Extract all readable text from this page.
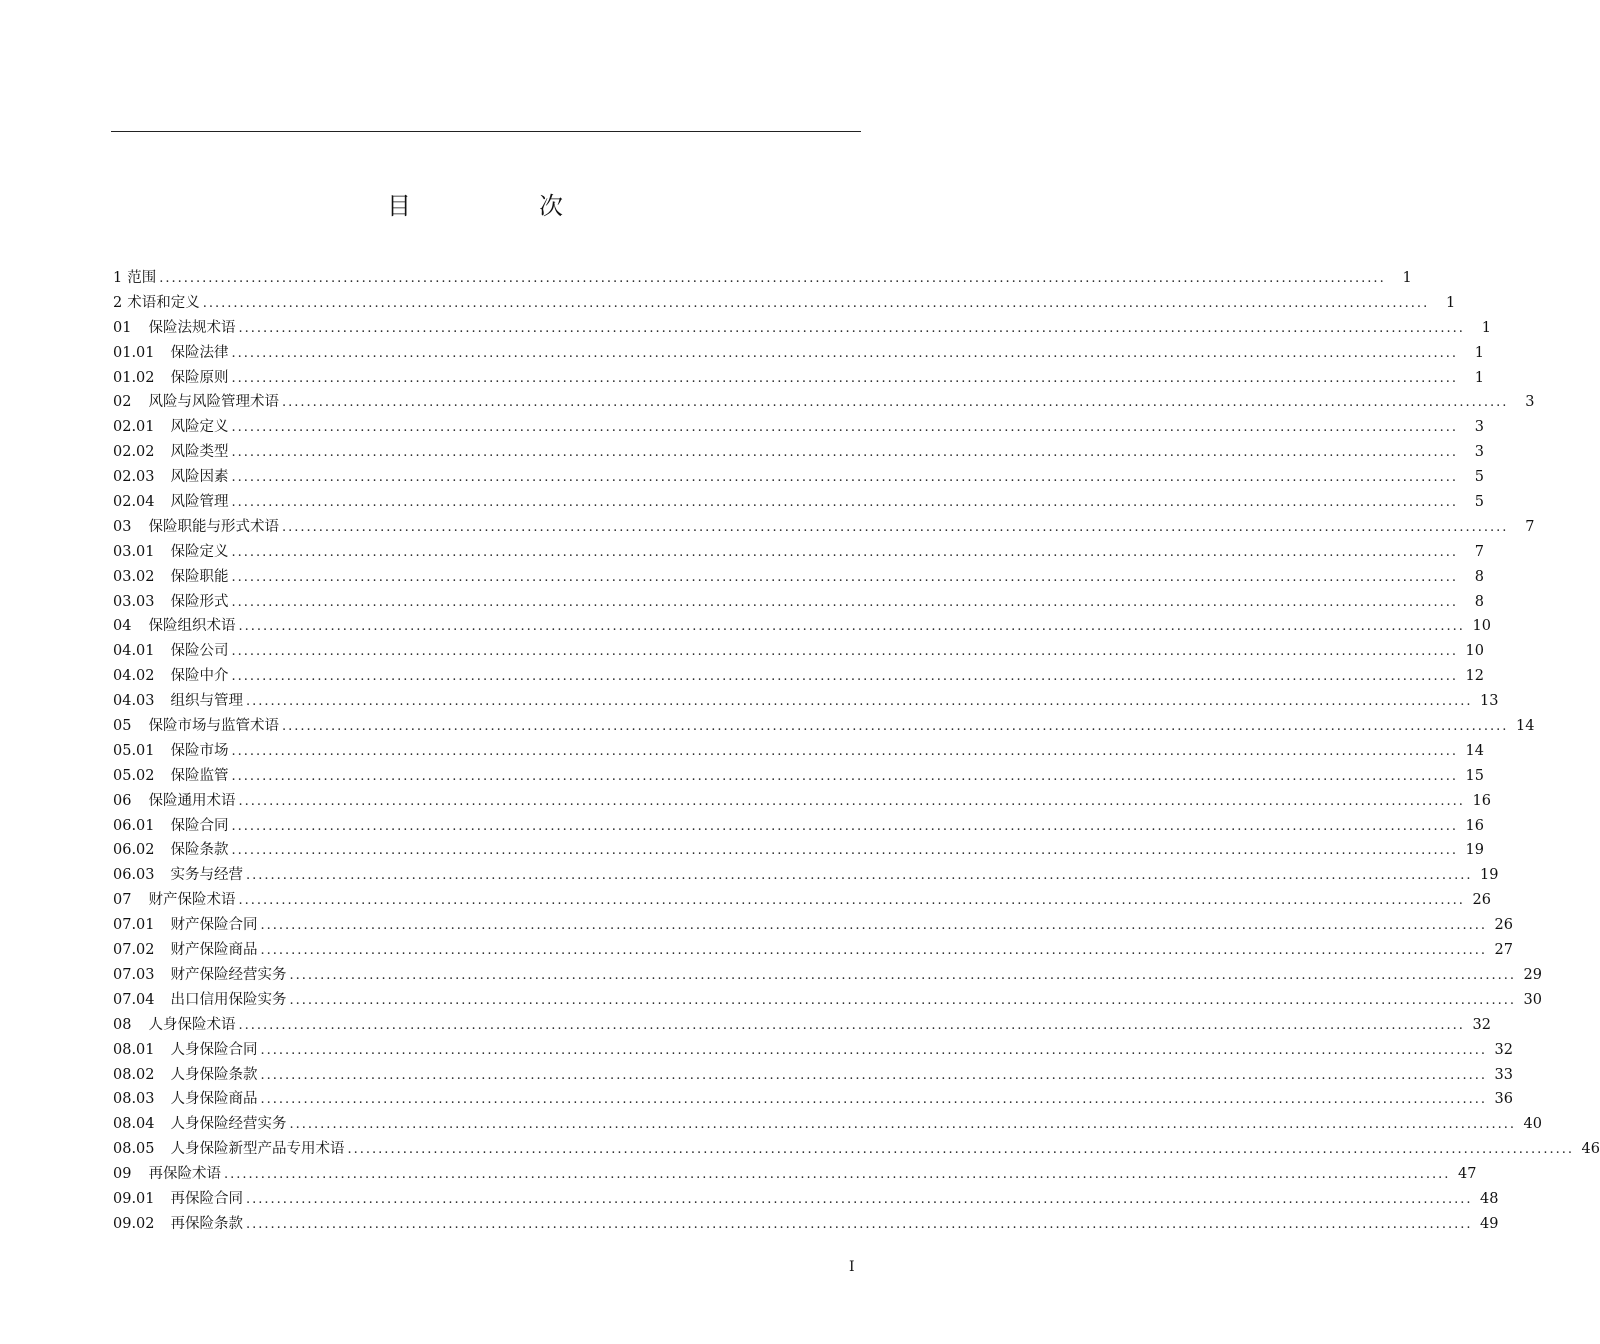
目　次
1 范围 ........................................................................................................................................................................................................	1
2 术语和定义 ........................................................................................................................................................................................................	1
01 保险法规术语 ........................................................................................................................................................................................................	1
01.01 保险法律 ........................................................................................................................................................................................................	1
01.02 保险原则 ........................................................................................................................................................................................................	1
02 风险与风险管理术语 ........................................................................................................................................................................................................	3
02.01 风险定义 ........................................................................................................................................................................................................	3
02.02 风险类型 ........................................................................................................................................................................................................	3
02.03 风险因素 ........................................................................................................................................................................................................	5
02.04 风险管理 ........................................................................................................................................................................................................	5
03 保险职能与形式术语 ........................................................................................................................................................................................................	7
03.01 保险定义 ........................................................................................................................................................................................................	7
03.02 保险职能 ........................................................................................................................................................................................................	8
03.03 保险形式 ........................................................................................................................................................................................................	8
04 保险组织术语 ........................................................................................................................................................................................................ 10
04.01 保险公司 ........................................................................................................................................................................................................ 10
04.02 保险中介 ........................................................................................................................................................................................................ 12
04.03 组织与管理 ........................................................................................................................................................................................................ 13
05 保险市场与监管术语 ........................................................................................................................................................................................................ 14
05.01 保险市场 ........................................................................................................................................................................................................ 14
05.02 保险监管 ........................................................................................................................................................................................................ 15
06 保险通用术语 ........................................................................................................................................................................................................ 16
06.01 保险合同 ........................................................................................................................................................................................................ 16
06.02 保险条款 ........................................................................................................................................................................................................ 19
06.03 实务与经营 ........................................................................................................................................................................................................ 19
07 财产保险术语 ........................................................................................................................................................................................................ 26
07.01 财产保险合同 ........................................................................................................................................................................................................ 26
07.02 财产保险商品 ........................................................................................................................................................................................................ 27
07.03 财产保险经营实务 ........................................................................................................................................................................................................ 29
07.04 出口信用保险实务 ........................................................................................................................................................................................................ 30
08 人身保险术语 ........................................................................................................................................................................................................ 32
08.01 人身保险合同 ........................................................................................................................................................................................................ 32
08.02 人身保险条款 ........................................................................................................................................................................................................ 33
08.03 人身保险商品 ........................................................................................................................................................................................................ 36
08.04 人身保险经营实务 ........................................................................................................................................................................................................ 40
08.05 人身保险新型产品专用术语 ........................................................................................................................................................................................................ 46
09 再保险术语 ........................................................................................................................................................................................................ 47
09.01 再保险合同 ........................................................................................................................................................................................................ 48
09.02 再保险条款 ........................................................................................................................................................................................................ 49
I
